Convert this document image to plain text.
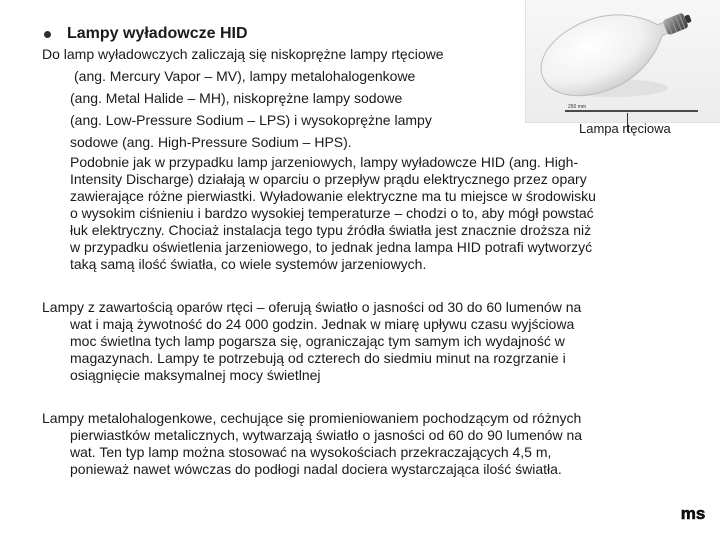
Lampy wyładowcze HID
Do lamp wyładowczych zaliczają się niskoprężne lampy rtęciowe
(ang. Mercury Vapor – MV), lampy metalohalogenkowe
(ang. Metal Halide – MH), niskoprężne lampy sodowe
(ang. Low-Pressure Sodium – LPS) i wysokoprężne lampy
sodowe (ang. High-Pressure Sodium – HPS).
Podobnie jak w przypadku lamp jarzeniowych, lampy wyładowcze HID (ang. High-
Intensity Discharge) działają w oparciu o przepływ prądu elektrycznego przez opary
zawierające różne pierwiastki. Wyładowanie elektryczne ma tu miejsce w środowisku
o wysokim ciśnieniu i bardzo wysokiej temperaturze – chodzi o to, aby mógł powstać
łuk elektryczny. Chociaż instalacja tego typu źródła światła jest znacznie droższa niż
w przypadku oświetlenia jarzeniowego, to jednak jedna lampa HID potrafi wytworzyć
taką samą ilość światła, co wiele systemów jarzeniowych.
Lampy z zawartością oparów rtęci – oferują światło o jasności od 30 do 60 lumenów na
wat i mają żywotność do 24 000 godzin. Jednak w miarę upływu czasu wyjściowa
moc świetlna tych lamp pogarsza się, ograniczając tym samym ich wydajność w
magazynach. Lampy te potrzebują od czterech do siedmiu minut na rozgrzanie i
osiągnięcie maksymalnej mocy świetlnej
Lampy metalohalogenkowe, cechujące się promieniowaniem pochodzącym od różnych
pierwiastków metalicznych, wytwarzają światło o jasności od 60 do 90 lumenów na
wat. Ten typ lamp można stosować na wysokościach przekraczających 4,5 m,
ponieważ nawet wówczas do podłogi nadal dociera wystarczająca ilość światła.
250 mm
Lampa rtęciowa
ms
